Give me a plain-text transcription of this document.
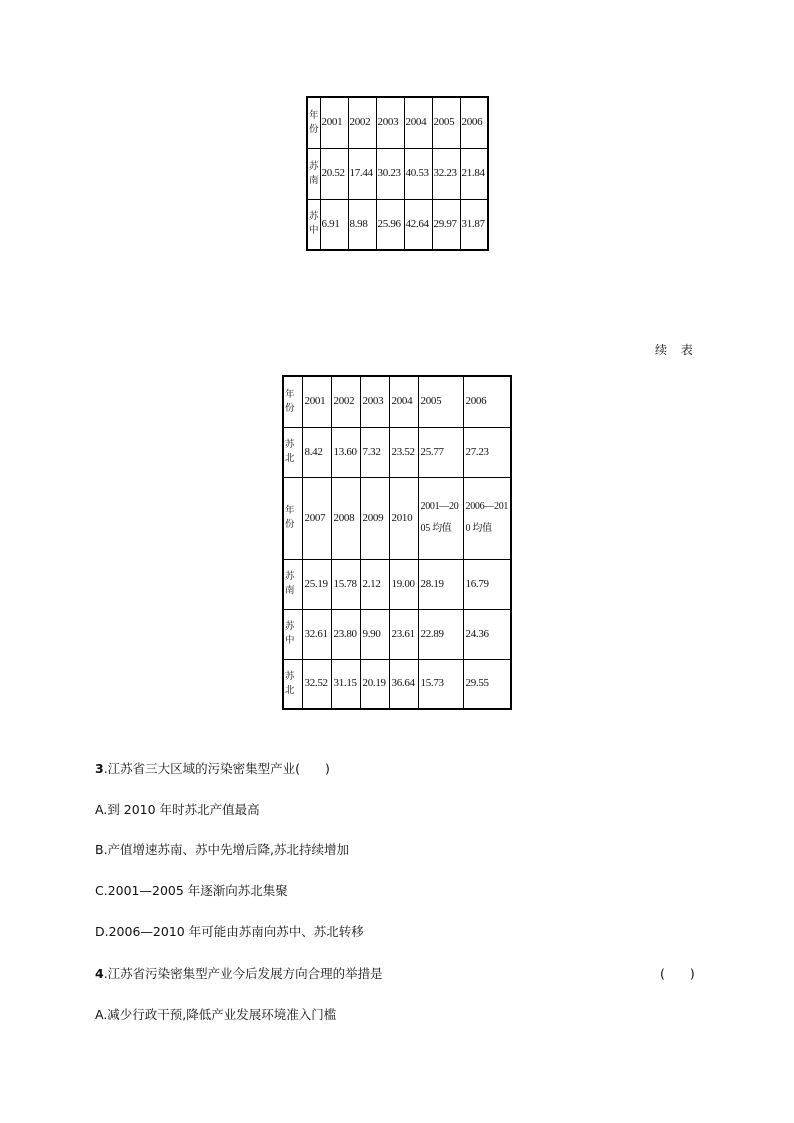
年份	2001	2002	2003	2004	2005	2006
苏南	20.52	17.44	30.23	40.53	32.23	21.84
苏中	6.91	8.98	25.96	42.64	29.97	31.87
续 表
年份	2001	2002	2003	2004	2005	2006
苏北	8.42	13.60	7.32	23.52	25.77	27.23
年份	2007	2008	2009	2010	2001—2005 均值	2006—2010 均值
苏南	25.19	15.78	2.12	19.00	28.19	16.79
苏中	32.61	23.80	9.90	23.61	22.89	24.36
苏北	32.52	31.15	20.19	36.64	15.73	29.55
3.江苏省三大区域的污染密集型产业(　　)
A.到 2010 年时苏北产值最高
B.产值增速苏南、苏中先增后降,苏北持续增加
C.2001—2005 年逐渐向苏北集聚
D.2006—2010 年可能由苏南向苏中、苏北转移
4.江苏省污染密集型产业今后发展方向合理的举措是	(　　)
A.减少行政干预,降低产业发展环境准入门槛
